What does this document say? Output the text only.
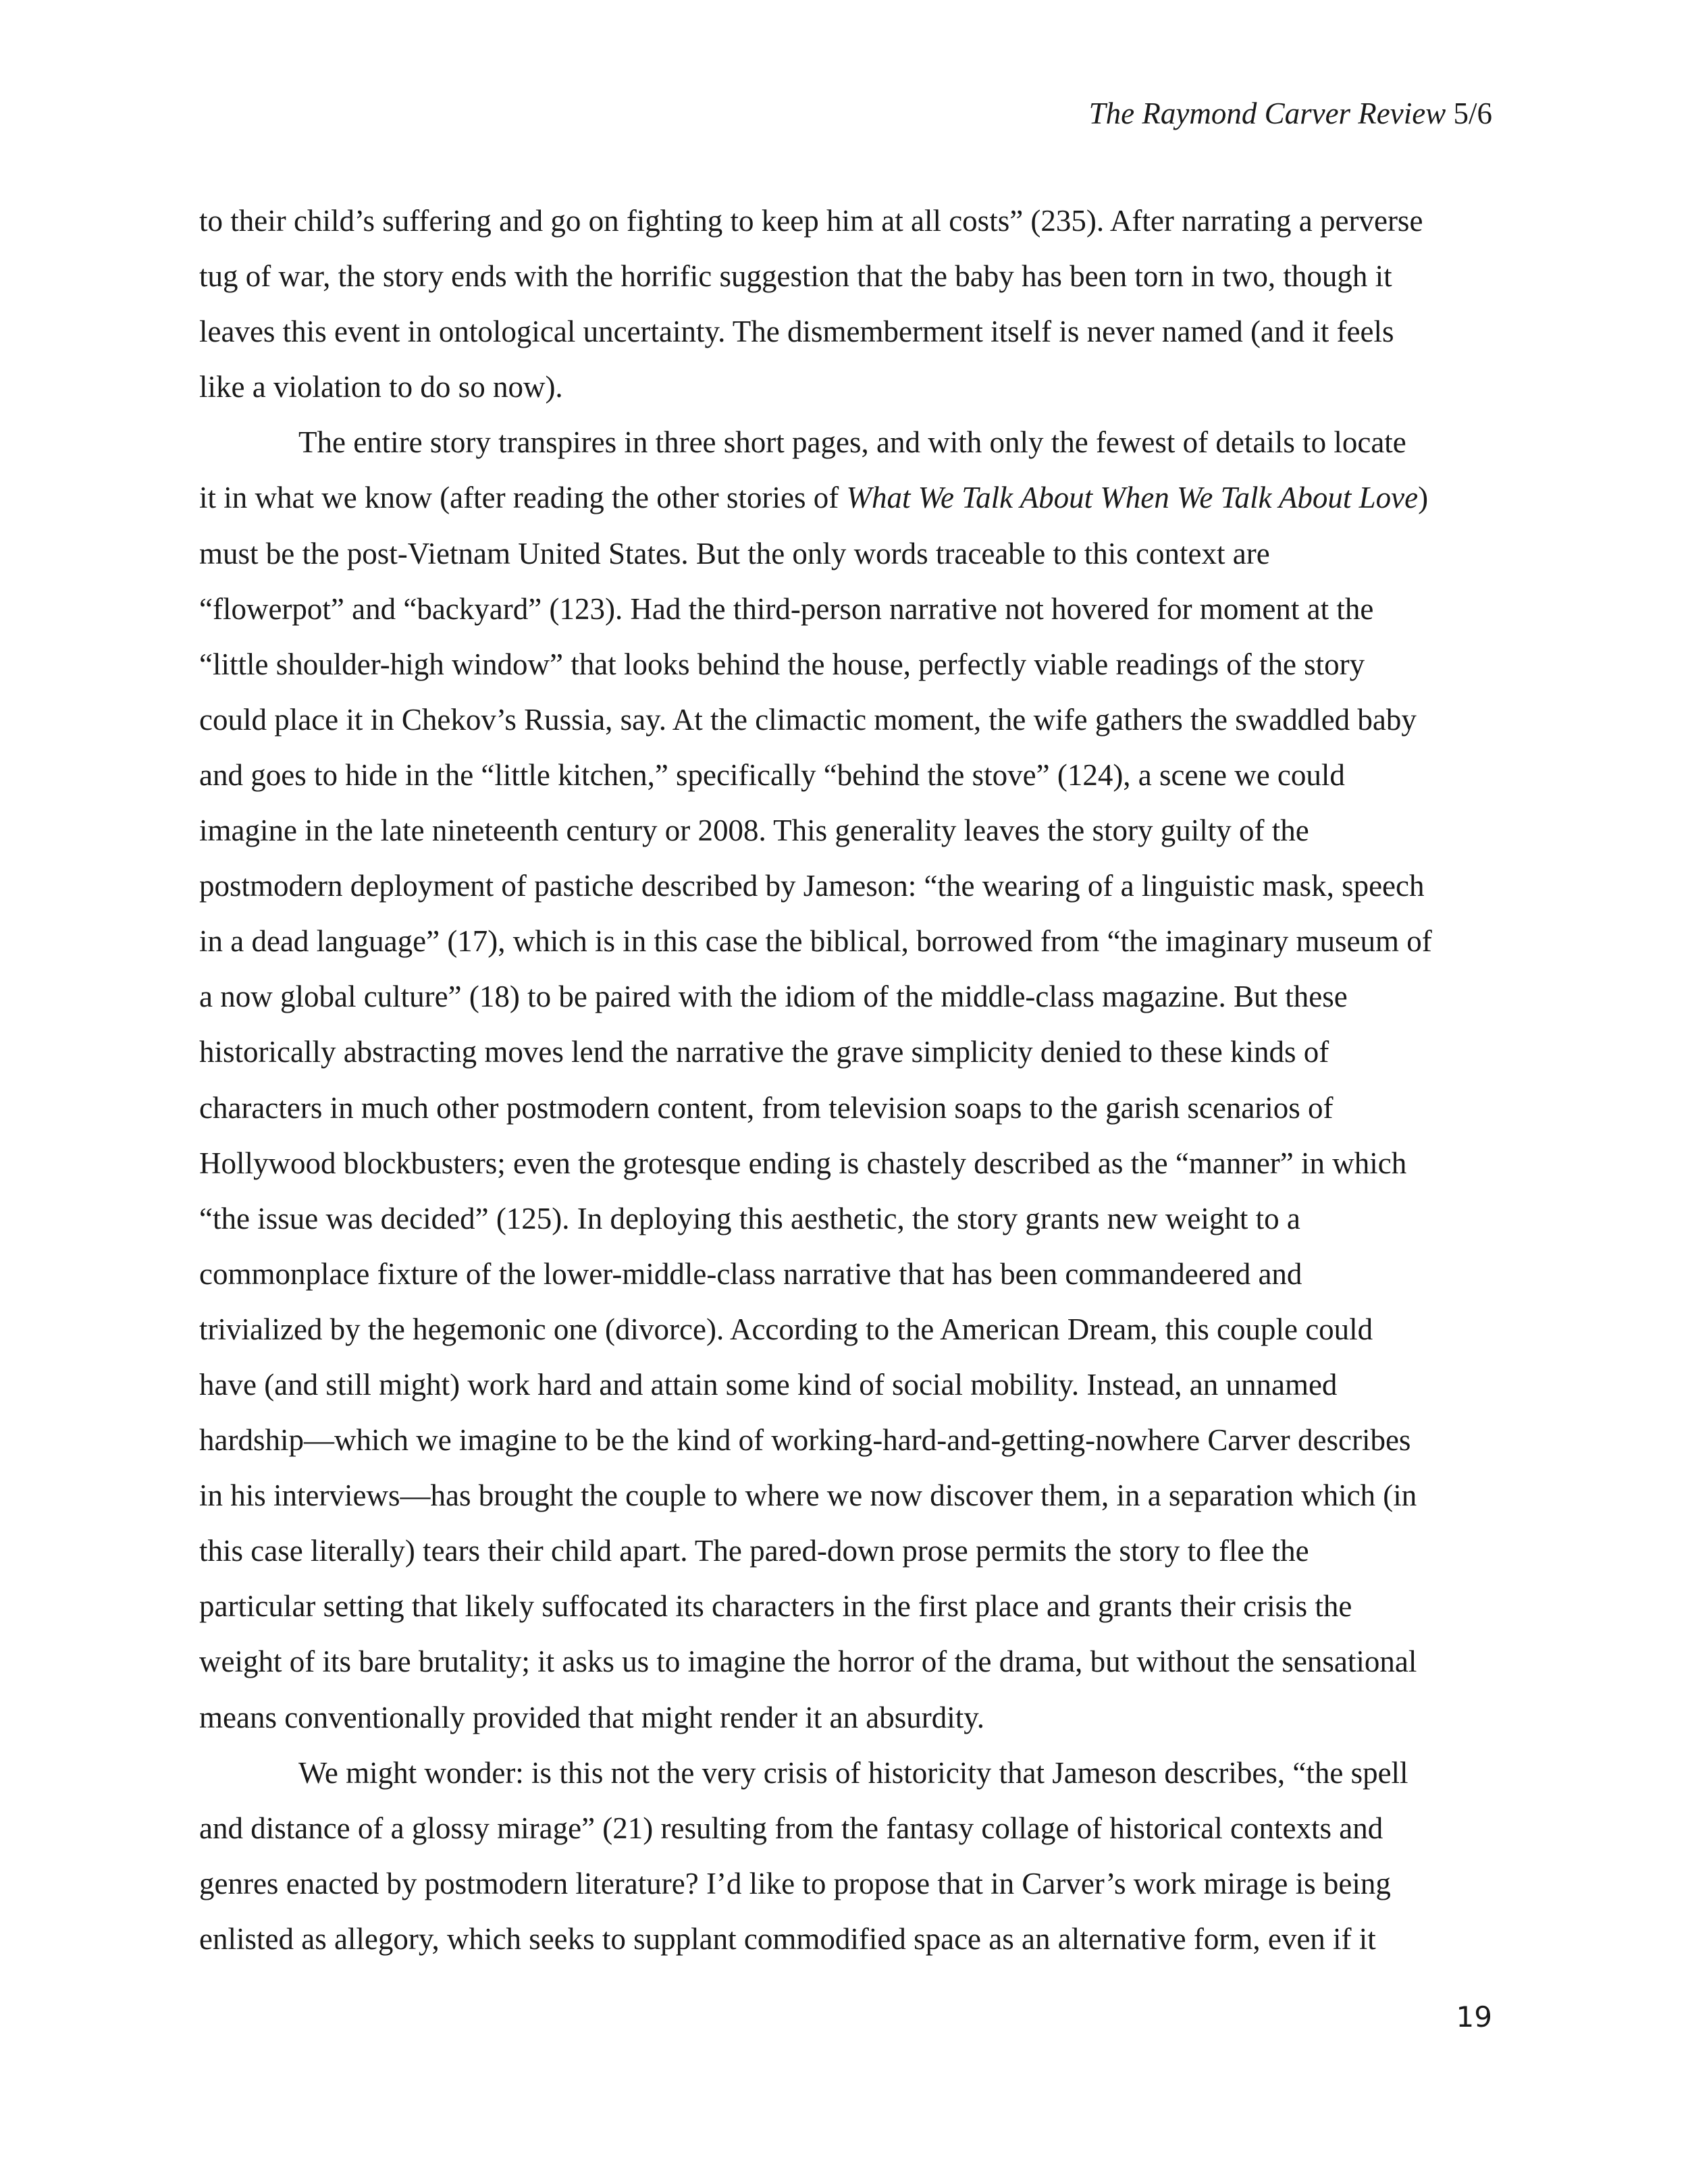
The Raymond Carver Review 5/6
to their child’s suffering and go on fighting to keep him at all costs” (235). After narrating a perverse
tug of war, the story ends with the horrific suggestion that the baby has been torn in two, though it
leaves this event in ontological uncertainty. The dismemberment itself is never named (and it feels
like a violation to do so now).
The entire story transpires in three short pages, and with only the fewest of details to locate
it in what we know (after reading the other stories of What We Talk About When We Talk About Love)
must be the post-Vietnam United States. But the only words traceable to this context are
“flowerpot” and “backyard” (123). Had the third-person narrative not hovered for moment at the
“little shoulder-high window” that looks behind the house, perfectly viable readings of the story
could place it in Chekov’s Russia, say. At the climactic moment, the wife gathers the swaddled baby
and goes to hide in the “little kitchen,” specifically “behind the stove” (124), a scene we could
imagine in the late nineteenth century or 2008. This generality leaves the story guilty of the
postmodern deployment of pastiche described by Jameson: “the wearing of a linguistic mask, speech
in a dead language” (17), which is in this case the biblical, borrowed from “the imaginary museum of
a now global culture” (18) to be paired with the idiom of the middle-class magazine. But these
historically abstracting moves lend the narrative the grave simplicity denied to these kinds of
characters in much other postmodern content, from television soaps to the garish scenarios of
Hollywood blockbusters; even the grotesque ending is chastely described as the “manner” in which
“the issue was decided” (125). In deploying this aesthetic, the story grants new weight to a
commonplace fixture of the lower-middle-class narrative that has been commandeered and
trivialized by the hegemonic one (divorce). According to the American Dream, this couple could
have (and still might) work hard and attain some kind of social mobility. Instead, an unnamed
hardship—which we imagine to be the kind of working-hard-and-getting-nowhere Carver describes
in his interviews—has brought the couple to where we now discover them, in a separation which (in
this case literally) tears their child apart. The pared-down prose permits the story to flee the
particular setting that likely suffocated its characters in the first place and grants their crisis the
weight of its bare brutality; it asks us to imagine the horror of the drama, but without the sensational
means conventionally provided that might render it an absurdity.
We might wonder: is this not the very crisis of historicity that Jameson describes, “the spell
and distance of a glossy mirage” (21) resulting from the fantasy collage of historical contexts and
genres enacted by postmodern literature? I’d like to propose that in Carver’s work mirage is being
enlisted as allegory, which seeks to supplant commodified space as an alternative form, even if it
19
